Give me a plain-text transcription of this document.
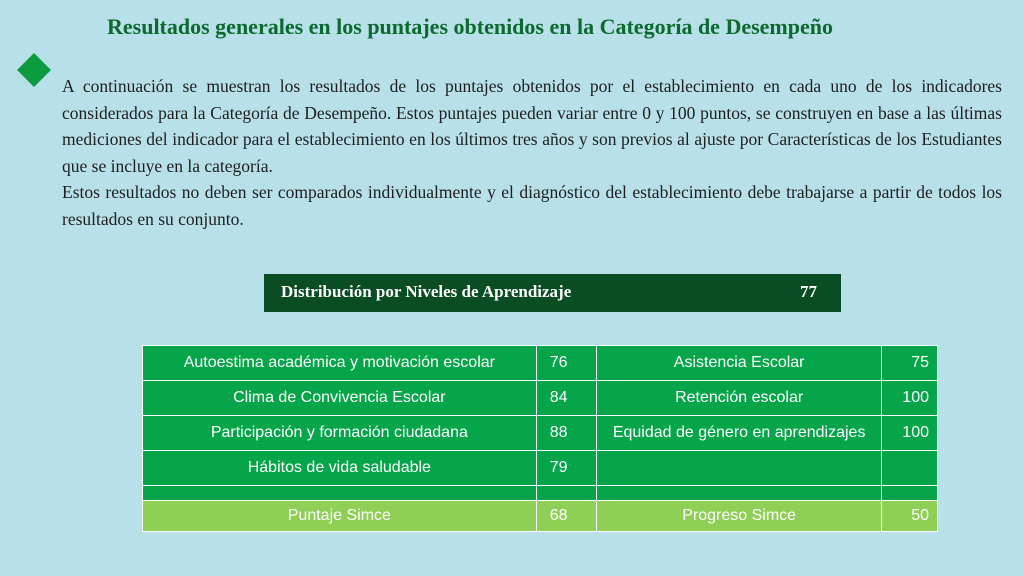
Resultados generales en los puntajes obtenidos en la Categoría de Desempeño

A continuación se muestran los resultados de los puntajes obtenidos por el establecimiento en cada uno de los indicadores considerados para la Categoría de Desempeño. Estos puntajes pueden variar entre 0 y 100 puntos, se construyen en base a las últimas mediciones del indicador para el establecimiento en los últimos tres años y son previos al ajuste por Características de los Estudiantes que se incluye en la categoría.

Estos resultados no deben ser comparados individualmente y el diagnóstico del establecimiento debe trabajarse a partir de todos los resultados en su conjunto.

Distribución por Niveles de Aprendizaje	77
Autoestima académica y motivación escolar	76	Asistencia Escolar	75
Clima de Convivencia Escolar	84	Retención escolar	100
Participación y formación ciudadana	88	Equidad de género en aprendizajes	100
Hábitos de vida saludable	79		

Puntaje Simce	68	Progreso Simce	50
